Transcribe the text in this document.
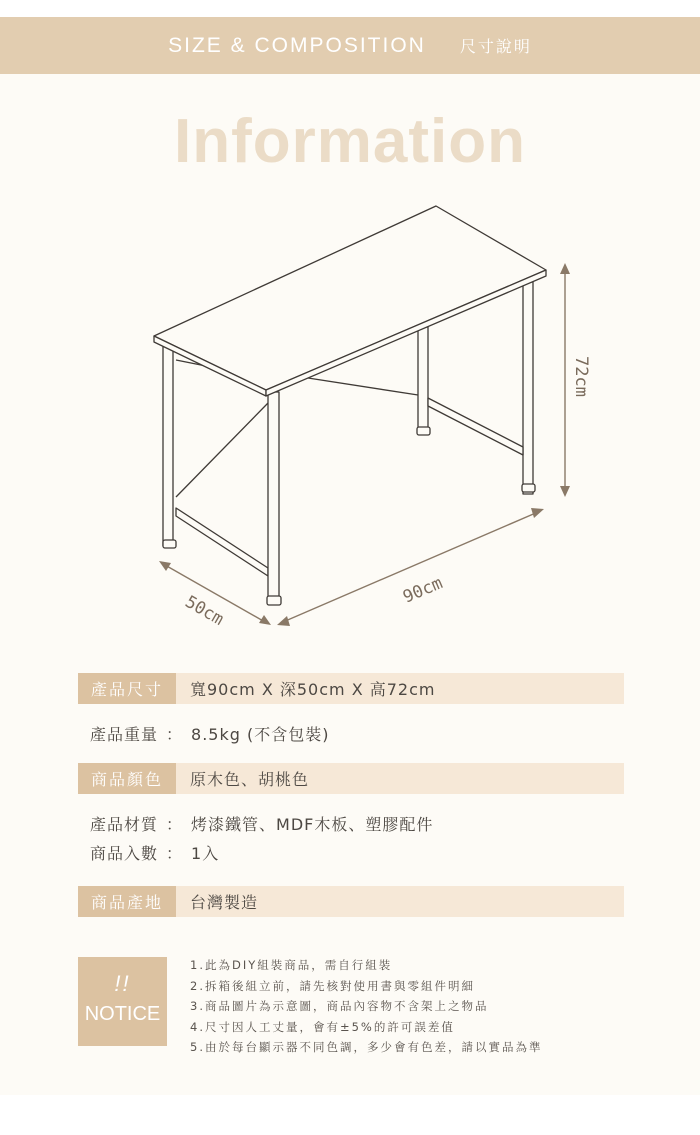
SIZE & COMPOSITION 尺寸說明
Information
72cm
90cm
50cm
產品尺寸	寬90cm X 深50cm X 高72cm
產品重量 ： 8.5kg (不含包裝)
商品顏色	原木色、胡桃色
產品材質 ： 烤漆鐵管、MDF木板、塑膠配件
商品入數 ： 1入
商品產地	台灣製造
!!
NOTICE
1.此為DIY組裝商品，需自行組裝
2.拆箱後組立前，請先核對使用書與零組件明細
3.商品圖片為示意圖，商品內容物不含架上之物品
4.尺寸因人工丈量，會有±5%的許可誤差值
5.由於每台顯示器不同色調，多少會有色差，請以實品為準
